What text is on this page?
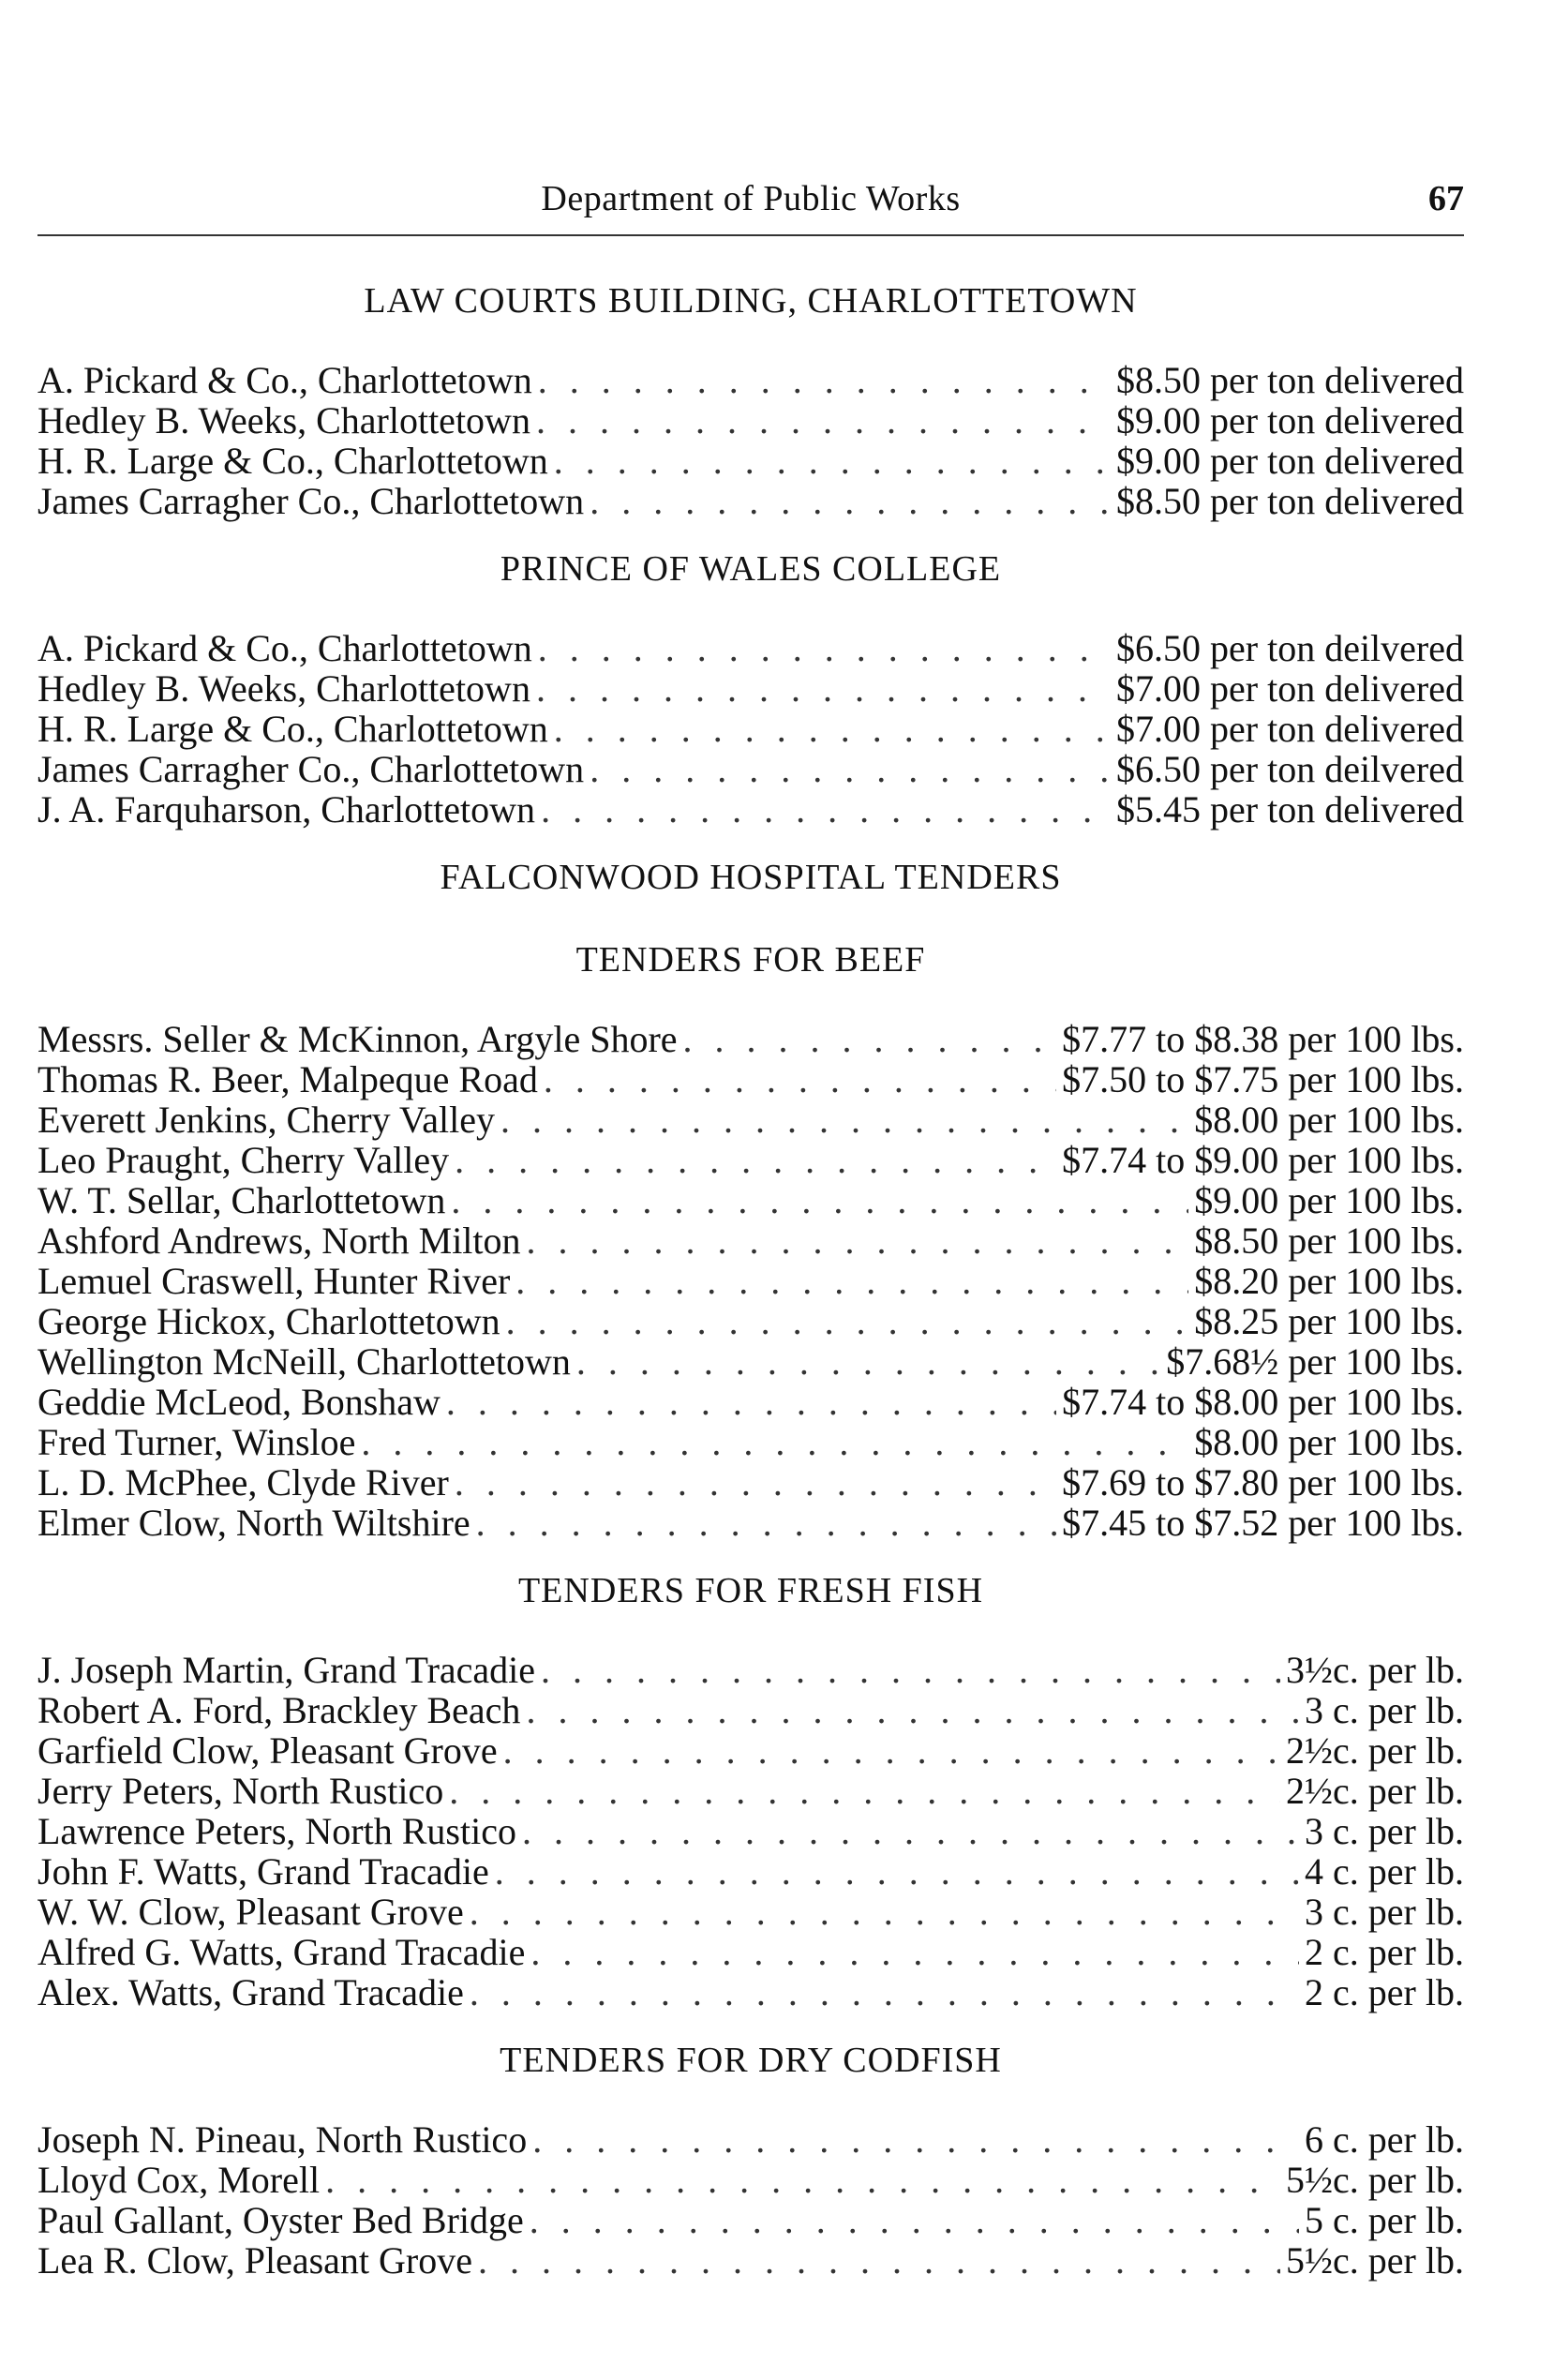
Department of Public Works	67
LAW COURTS BUILDING, CHARLOTTETOWN
A. Pickard & Co., Charlottetown . . .	$8.50 per ton delivered
Hedley B. Weeks, Charlottetown . . .	$9.00 per ton delivered
H. R. Large & Co., Charlottetown . . .	$9.00 per ton delivered
James Carragher Co., Charlottetown . . .	$8.50 per ton delivered
PRINCE OF WALES COLLEGE
A. Pickard & Co., Charlottetown . . .	$6.50 per ton deilvered
Hedley B. Weeks, Charlottetown . . .	$7.00 per ton delivered
H. R. Large & Co., Charlottetown . . .	$7.00 per ton delivered
James Carragher Co., Charlottetown . . .	$6.50 per ton deilvered
J. A. Farquharson, Charlottetown . . .	$5.45 per ton delivered
FALCONWOOD HOSPITAL TENDERS
TENDERS FOR BEEF
Messrs. Seller & McKinnon, Argyle Shore . . .	$7.77 to $8.38 per 100 lbs.
Thomas R. Beer, Malpeque Road . . .	$7.50 to $7.75 per 100 lbs.
Everett Jenkins, Cherry Valley . . .	$8.00 per 100 lbs.
Leo Praught, Cherry Valley . . .	$7.74 to $9.00 per 100 lbs.
W. T. Sellar, Charlottetown . . .	$9.00 per 100 lbs.
Ashford Andrews, North Milton . . .	$8.50 per 100 lbs.
Lemuel Craswell, Hunter River . . .	$8.20 per 100 lbs.
George Hickox, Charlottetown . . .	$8.25 per 100 lbs.
Wellington McNeill, Charlottetown . . .	$7.68½ per 100 lbs.
Geddie McLeod, Bonshaw . . .	$7.74 to $8.00 per 100 lbs.
Fred Turner, Winsloe . . .	$8.00 per 100 lbs.
L. D. McPhee, Clyde River . . .	$7.69 to $7.80 per 100 lbs.
Elmer Clow, North Wiltshire . . .	$7.45 to $7.52 per 100 lbs.
TENDERS FOR FRESH FISH
J. Joseph Martin, Grand Tracadie . . .	3½c. per lb.
Robert A. Ford, Brackley Beach . . .	3 c. per lb.
Garfield Clow, Pleasant Grove . . .	2½c. per lb.
Jerry Peters, North Rustico . . .	2½c. per lb.
Lawrence Peters, North Rustico . . .	3 c. per lb.
John F. Watts, Grand Tracadie . . .	4 c. per lb.
W. W. Clow, Pleasant Grove . . .	3 c. per lb.
Alfred G. Watts, Grand Tracadie . . .	2 c. per lb.
Alex. Watts, Grand Tracadie . . .	2 c. per lb.
TENDERS FOR DRY CODFISH
Joseph N. Pineau, North Rustico . . .	6 c. per lb.
Lloyd Cox, Morell . . .	5½c. per lb.
Paul Gallant, Oyster Bed Bridge . . .	5 c. per lb.
Lea R. Clow, Pleasant Grove . . .	5½c. per lb.
